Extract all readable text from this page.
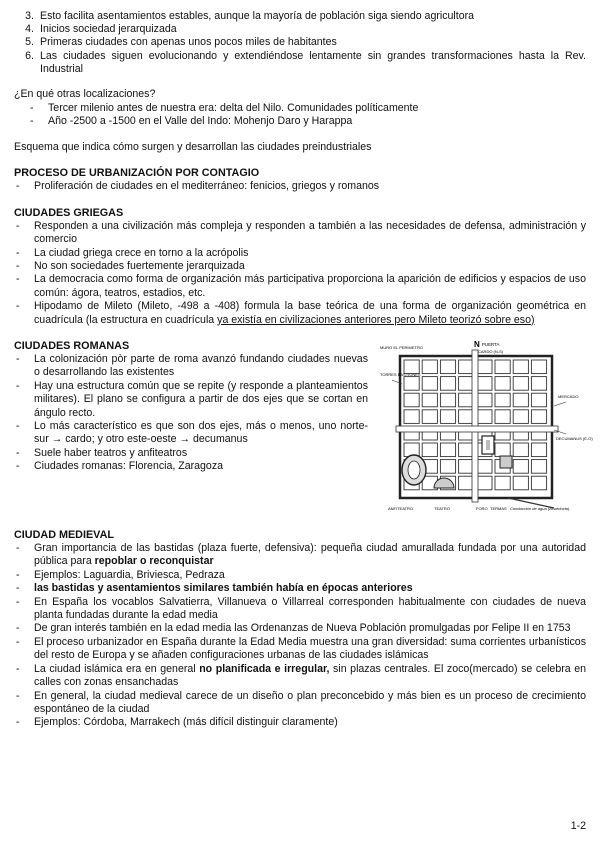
3. Esto facilita asentamientos estables, aunque la mayoría de población siga siendo agricultora
4. Inicios sociedad jerarquizada
5. Primeras ciudades con apenas unos pocos miles de habitantes
6. Las ciudades siguen evolucionando y extendiéndose lentamente sin grandes transformaciones hasta la Rev. Industrial
¿En qué otras localizaciones?
-	Tercer milenio antes de nuestra era: delta del Nilo. Comunidades políticamente
-	Año -2500 a -1500 en el Valle del Indo: Mohenjo Daro y Harappa
Esquema que indica cómo surgen y desarrollan las ciudades preindustriales
PROCESO DE URBANIZACIÓN POR CONTAGIO
-	Proliferación de ciudades en el mediterráneo: fenicios, griegos y romanos
CIUDADES GRIEGAS
-	Responden a una civilización más compleja y responden a también a las necesidades de defensa, administración y comercio
-	La ciudad griega crece en torno a la acrópolis
-	No son sociedades fuertemente jerarquizada
-	La democracia como forma de organización más participativa proporciona la aparición de edificios y espacios de uso común: ágora, teatros, estadios, etc.
-	Hipodamo de Mileto (Mileto, -498 a -408) formula la base teórica de una forma de organización geométrica en cuadrícula (la estructura en cuadrícula ya existía en civilizaciones anteriores pero Mileto teorizó sobre eso)
CIUDADES ROMANAS
-	La colonización pòr parte de roma avanzó fundando ciudades nuevas o desarrollando las existentes
-	Hay una estructura común que se repite (y responde a planteamientos militares). El plano se configura a partir de dos ejes que se cortan en ángulo recto.
-	Lo más característico es que son dos ejes, más o menos, uno norte-sur → cardo; y otro este-oeste → decumanus
-	Suele haber teatros y anfiteatros
-	Ciudades romanas: Florencia, Zaragoza
N PUERTA
CARDO (N-S)
MURO EL PERIMETRO
TORRES BASTIONES
MERCADO
DECUMANUS (E-O)
ANFITEATRO	TEATRO	FORO TERMAS Conducción de agua (Acueducto)
CIUDAD MEDIEVAL
-	Gran importancia de las bastidas (plaza fuerte, defensiva): pequeña ciudad amurallada fundada por una autoridad pública para repoblar o reconquistar
-	Ejemplos: Laguardia, Briviesca, Pedraza
-	las bastidas y asentamientos similares también había en épocas anteriores
-	En España los vocablos Salvatierra, Villanueva o Villarreal corresponden habitualmente con ciudades de nueva planta fundadas durante la edad media
-	De gran interés también en la edad media las Ordenanzas de Nueva Población promulgadas por Felipe II en 1753
-	El proceso urbanizador en España durante la Edad Media muestra una gran diversidad: suma corrientes urbanísticos del resto de Europa y se añaden configuraciones urbanas de las ciudades islámicas
-	La ciudad islámica era en general no planificada e irregular, sin plazas centrales. El zoco(mercado) se celebra en calles con zonas ensanchadas
-	En general, la ciudad medieval carece de un diseño o plan preconcebido y más bien es un proceso de crecimiento espontáneo de la ciudad
-	Ejemplos: Córdoba, Marrakech (más difícil distinguir claramente)
1-2
